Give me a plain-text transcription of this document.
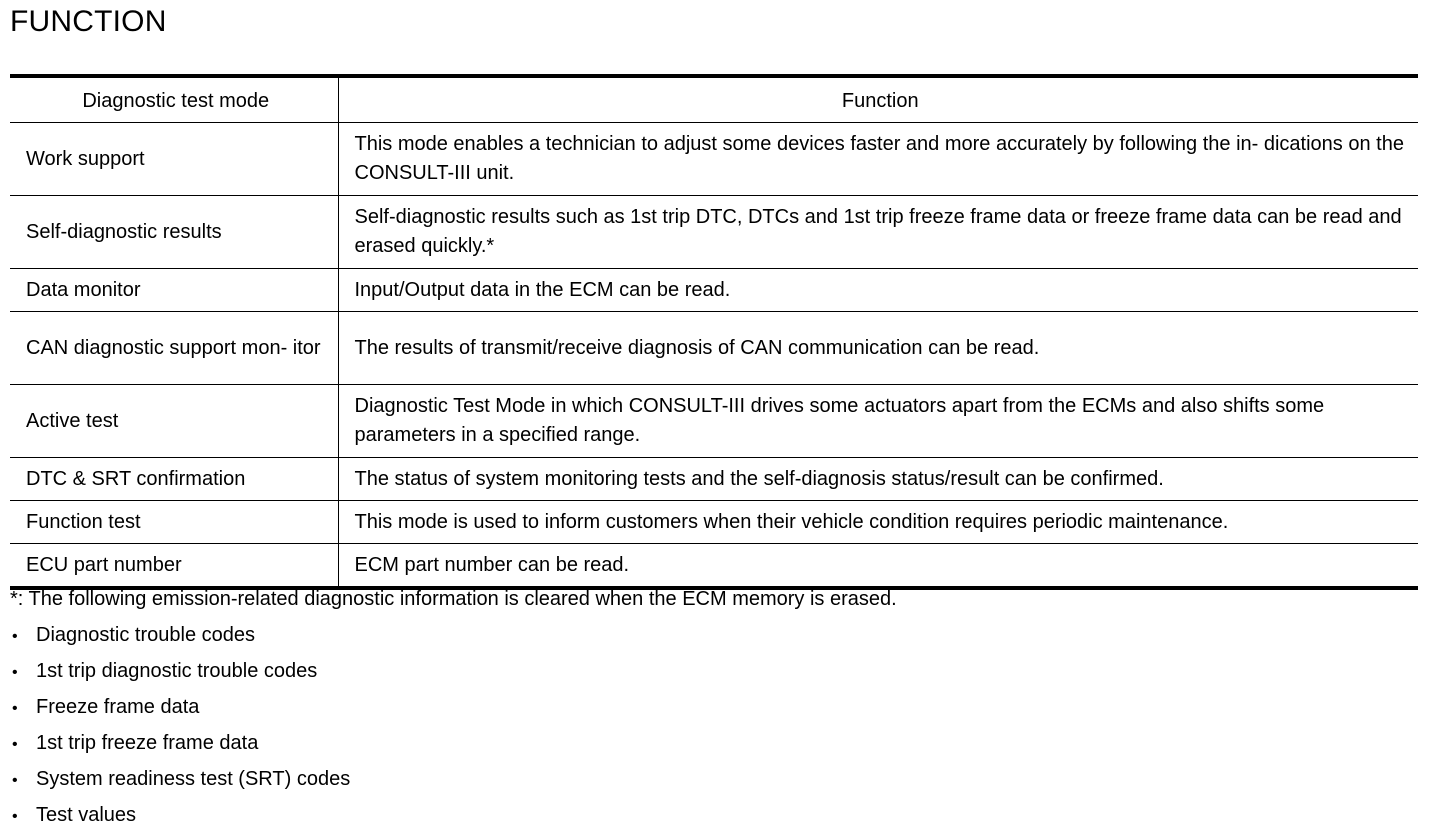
FUNCTION
Diagnostic test mode	Function
Work support	This mode enables a technician to adjust some devices faster and more accurately by following the in- dications on the CONSULT-III unit.
Self-diagnostic results	Self-diagnostic results such as 1st trip DTC, DTCs and 1st trip freeze frame data or freeze frame data can be read and erased quickly.*
Data monitor	Input/Output data in the ECM can be read.
CAN diagnostic support mon- itor	The results of transmit/receive diagnosis of CAN communication can be read.
Active test	Diagnostic Test Mode in which CONSULT-III drives some actuators apart from the ECMs and also shifts some parameters in a specified range.
DTC & SRT confirmation	The status of system monitoring tests and the self-diagnosis status/result can be confirmed.
Function test	This mode is used to inform customers when their vehicle condition requires periodic maintenance.
ECU part number	ECM part number can be read.

*: The following emission-related diagnostic information is cleared when the ECM memory is erased.

• Diagnostic trouble codes
• 1st trip diagnostic trouble codes
• Freeze frame data
• 1st trip freeze frame data
• System readiness test (SRT) codes
• Test values
